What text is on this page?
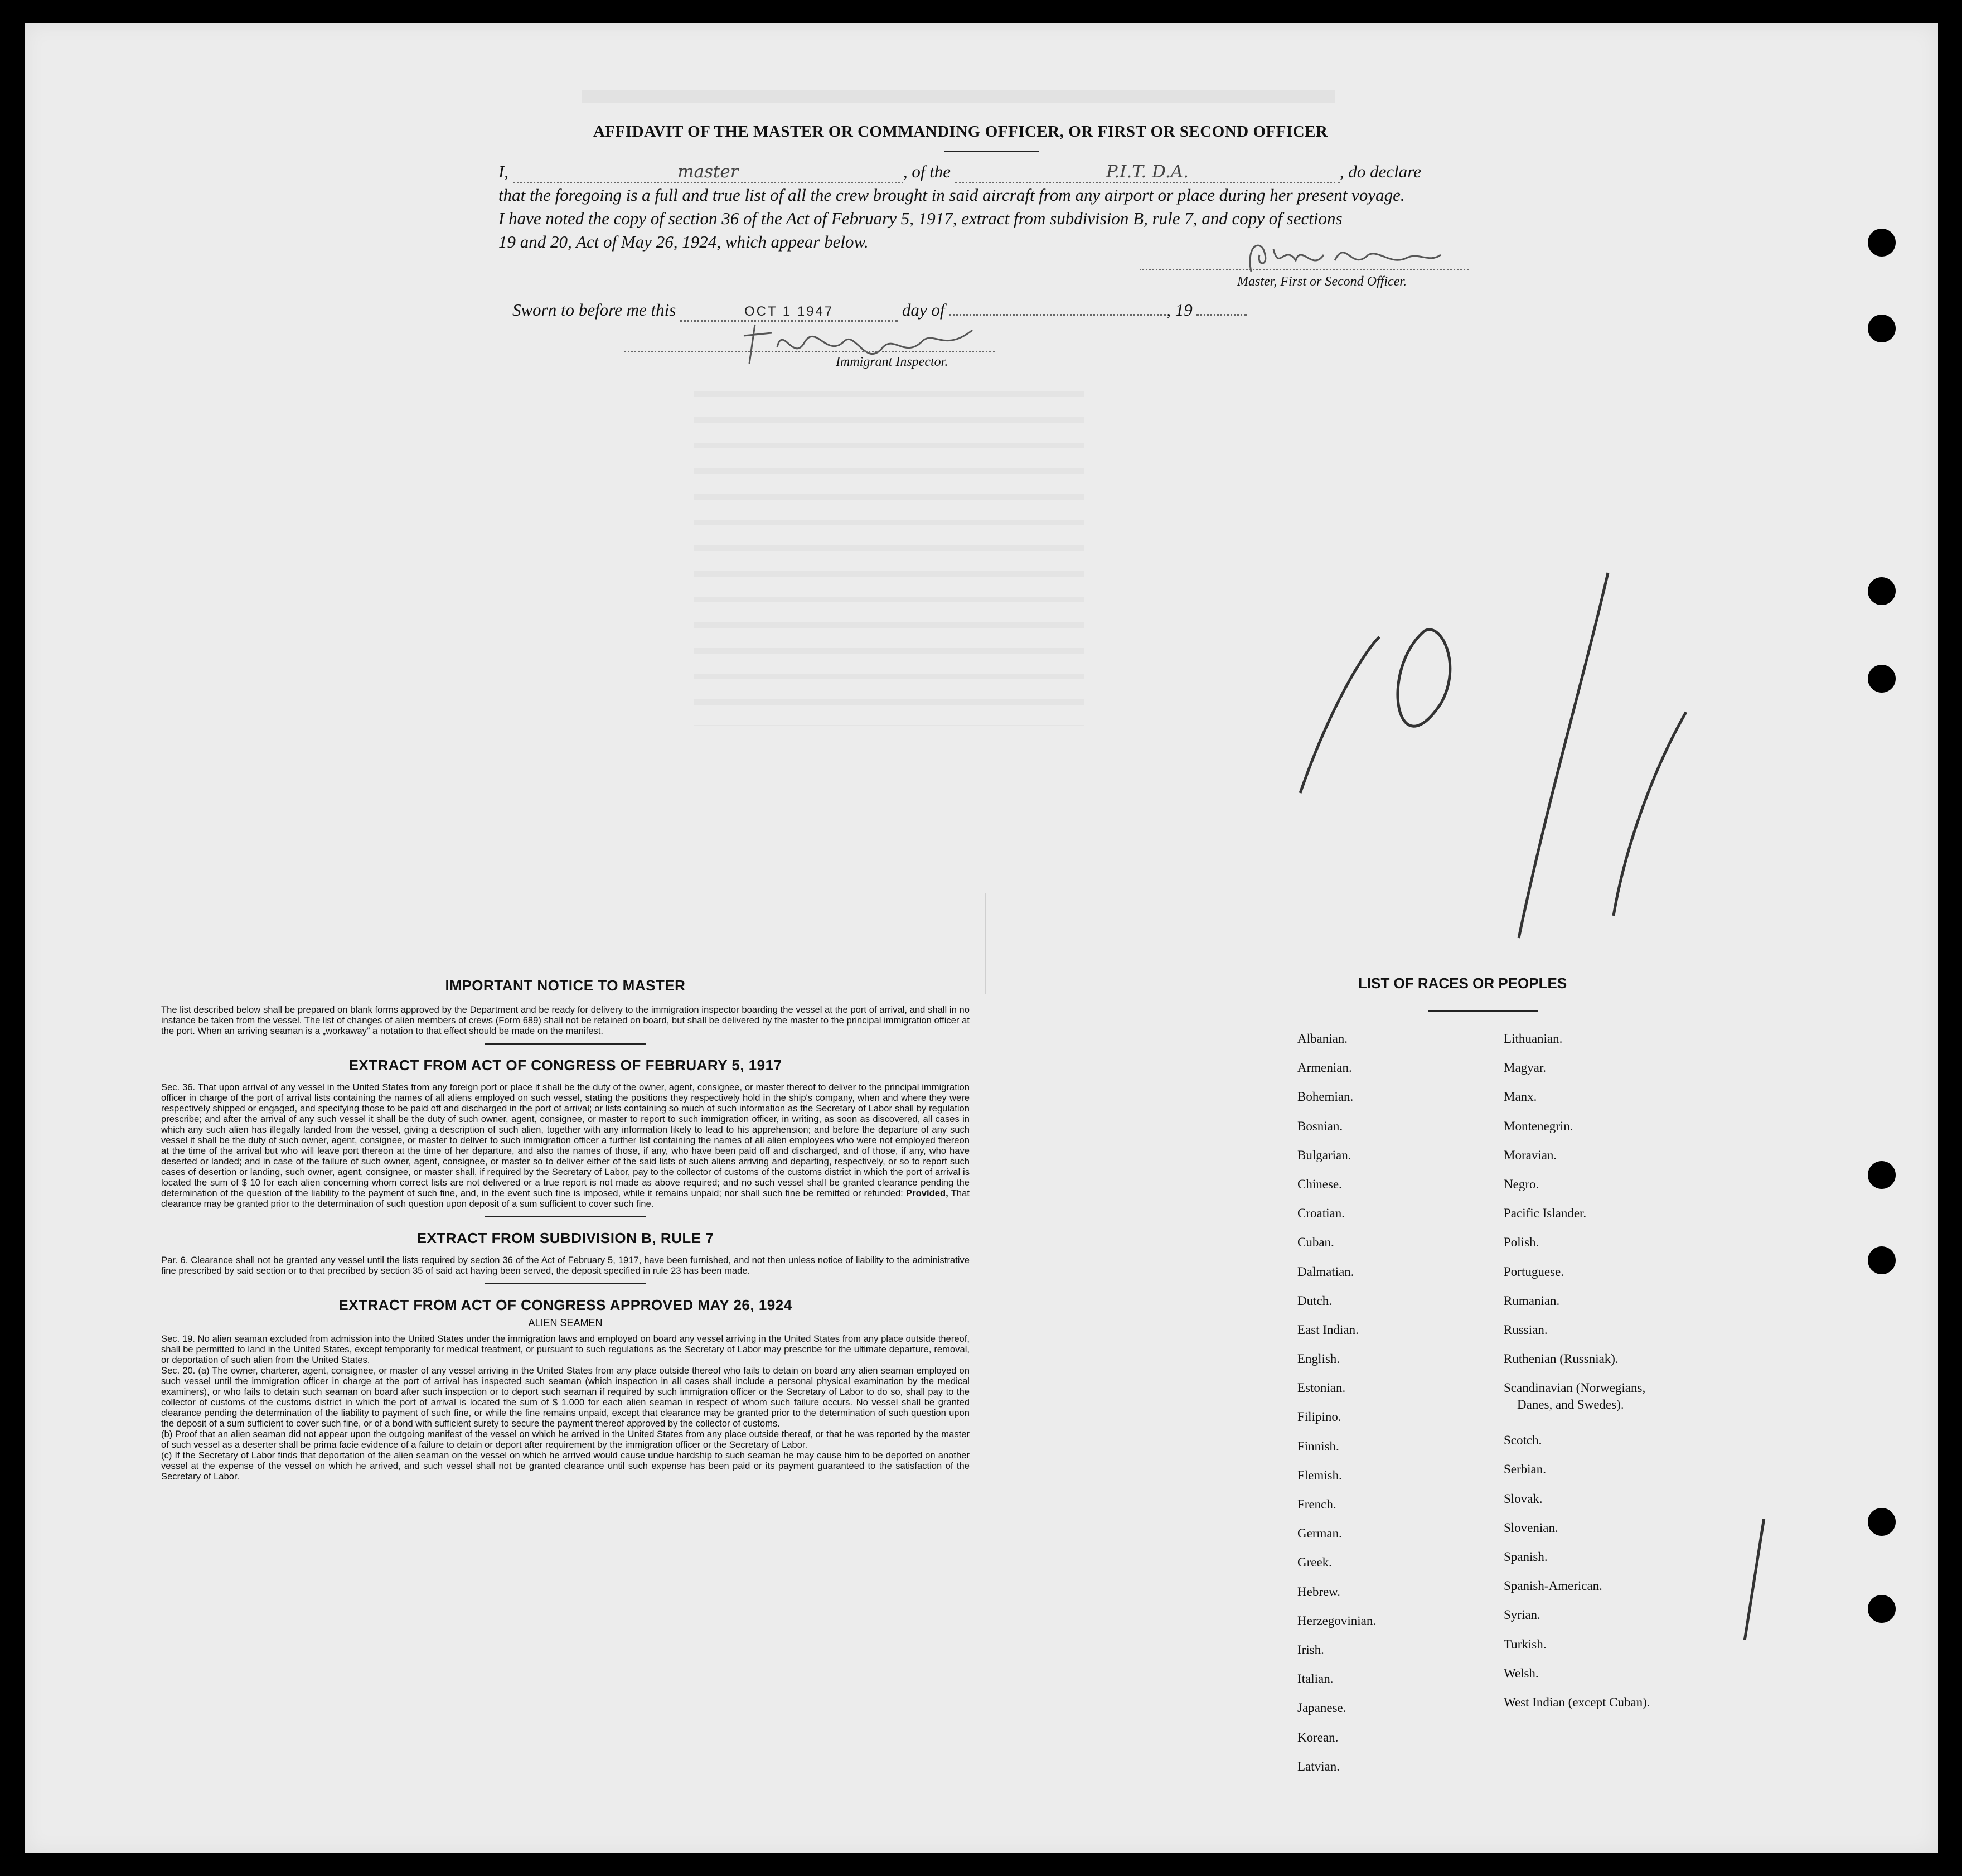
AFFIDAVIT OF THE MASTER OR COMMANDING OFFICER, OR FIRST OR SECOND OFFICER
I,	master	, of the	P.I.T. D.A.	, do declare
that the foregoing is a full and true list of all the crew brought in said aircraft from any airport or place during her present voyage.
I have noted the copy of section 36 of the Act of February 5, 1917, extract from subdivision B, rule 7, and copy of sections
19 and 20, Act of May 26, 1924, which appear below.
Master, First or Second Officer.
Sworn to before me this	OCT 1 1947	day of	, 19
Immigrant Inspector.

IMPORTANT NOTICE TO MASTER

The list described below shall be prepared on blank forms approved by the Department and be ready for delivery to the immigration inspector boarding the vessel at the port of arrival, and shall in no instance be taken from the vessel. The list of changes of alien members of crews (Form 689) shall not be retained on board, but shall be delivered by the master to the principal immigration officer at the port. When an arriving seaman is a „workaway” a notation to that effect should be made on the manifest.

EXTRACT FROM ACT OF CONGRESS OF FEBRUARY 5, 1917

Sec. 36. That upon arrival of any vessel in the United States from any foreign port or place it shall be the duty of the owner, agent, consignee, or master thereof to deliver to the principal immigration officer in charge of the port of arrival lists containing the names of all aliens employed on such vessel, stating the positions they respectively hold in the ship's company, when and where they were respectively shipped or engaged, and specifying those to be paid off and discharged in the port of arrival; or lists containing so much of such information as the Secretary of Labor shall by regulation prescribe; and after the arrival of any such vessel it shall be the duty of such owner, agent, consignee, or master to report to such immigration officer, in writing, as soon as discovered, all cases in which any such alien has illegally landed from the vessel, giving a description of such alien, together with any information likely to lead to his apprehension; and before the departure of any such vessel it shall be the duty of such owner, agent, consignee, or master to deliver to such immigration officer a further list containing the names of all alien employees who were not employed thereon at the time of the arrival but who will leave port thereon at the time of her departure, and also the names of those, if any, who have been paid off and discharged, and of those, if any, who have deserted or landed; and in case of the failure of such owner, agent, consignee, or master so to deliver either of the said lists of such aliens arriving and departing, respectively, or so to report such cases of desertion or landing, such owner, agent, consignee, or master shall, if required by the Secretary of Labor, pay to the collector of customs of the customs district in which the port of arrival is located the sum of $ 10 for each alien concerning whom correct lists are not delivered or a true report is not made as above required; and no such vessel shall be granted clearance pending the determination of the question of the liability to the payment of such fine, and, in the event such fine is imposed, while it remains unpaid; nor shall such fine be remitted or refunded: Provided, That clearance may be granted prior to the determination of such question upon deposit of a sum sufficient to cover such fine.

EXTRACT FROM SUBDIVISION B, RULE 7

Par. 6. Clearance shall not be granted any vessel until the lists required by section 36 of the Act of February 5, 1917, have been furnished, and not then unless notice of liability to the administrative fine prescribed by said section or to that precribed by section 35 of said act having been served, the deposit specified in rule 23 has been made.

EXTRACT FROM ACT OF CONGRESS APPROVED MAY 26, 1924

ALIEN SEAMEN

Sec. 19. No alien seaman excluded from admission into the United States under the immigration laws and employed on board any vessel arriving in the United States from any place outside thereof, shall be permitted to land in the United States, except temporarily for medical treatment, or pursuant to such regulations as the Secretary of Labor may prescribe for the ultimate departure, removal, or deportation of such alien from the United States.

Sec. 20. (a) The owner, charterer, agent, consignee, or master of any vessel arriving in the United States from any place outside thereof who fails to detain on board any alien seaman employed on such vessel until the immigration officer in charge at the port of arrival has inspected such seaman (which inspection in all cases shall include a personal physical examination by the medical examiners), or who fails to detain such seaman on board after such inspection or to deport such seaman if required by such immigration officer or the Secretary of Labor to do so, shall pay to the collector of customs of the customs district in which the port of arrival is located the sum of $ 1.000 for each alien seaman in respect of whom such failure occurs. No vessel shall be granted clearance pending the determination of the liability to payment of such fine, or while the fine remains unpaid, except that clearance may be granted prior to the determination of such question upon the deposit of a sum sufficient to cover such fine, or of a bond with sufficient surety to secure the payment thereof approved by the collector of customs.

(b) Proof that an alien seaman did not appear upon the outgoing manifest of the vessel on which he arrived in the United States from any place outside thereof, or that he was reported by the master of such vessel as a deserter shall be prima facie evidence of a failure to detain or deport after requirement by the immigration officer or the Secretary of Labor.

(c) If the Secretary of Labor finds that deportation of the alien seaman on the vessel on which he arrived would cause undue hardship to such seaman he may cause him to be deported on another vessel at the expense of the vessel on which he arrived, and such vessel shall not be granted clearance until such expense has been paid or its payment guaranteed to the satisfaction of the Secretary of Labor.

LIST OF RACES OR PEOPLES
Albanian.
Armenian.
Bohemian.
Bosnian.
Bulgarian.
Chinese.
Croatian.
Cuban.
Dalmatian.
Dutch.
East Indian.
English.
Estonian.
Filipino.
Finnish.
Flemish.
French.
German.
Greek.
Hebrew.
Herzegovinian.
Irish.
Italian.
Japanese.
Korean.
Latvian.
Lithuanian.
Magyar.
Manx.
Montenegrin.
Moravian.
Negro.
Pacific Islander.
Polish.
Portuguese.
Rumanian.
Russian.
Ruthenian (Russniak).
Scandinavian (Norwegians,
Danes, and Swedes).
Scotch.
Serbian.
Slovak.
Slovenian.
Spanish.
Spanish-American.
Syrian.
Turkish.
Welsh.
West Indian (except Cuban).
